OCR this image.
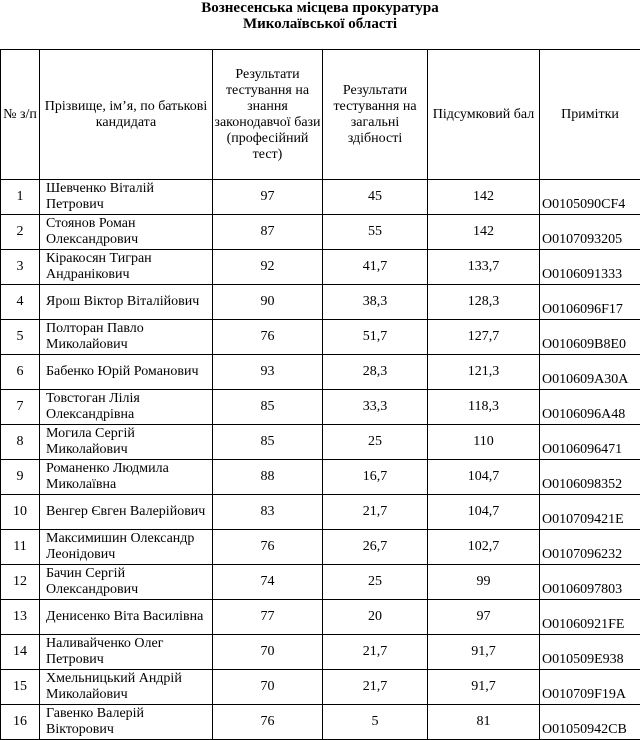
Вознесенська місцева прокуратура
Миколаївської області
№ з/п	Прізвище, ім’я, по батькові кандидата	Результати тестування на знання законодавчої бази (професійний тест)	Результати тестування на загальні здібності	Підсумковий бал	Примітки
1	Шевченко Віталій Петрович	97	45	142	O0105090CF4
2	Стоянов Роман Олександрович	87	55	142	O0107093205
3	Кіракосян Тигран Андранікович	92	41,7	133,7	O0106091333
4	Ярош Віктор Віталійович	90	38,3	128,3	O0106096F17
5	Полторан Павло Миколайович	76	51,7	127,7	O010609B8E0
6	Бабенко Юрій Романович	93	28,3	121,3	O010609A30A
7	Товстоган Лілія Олександрівна	85	33,3	118,3	O0106096A48
8	Могила Сергій Миколайович	85	25	110	O0106096471
9	Романенко Людмила Миколаївна	88	16,7	104,7	O0106098352
10	Венгер Євген Валерійович	83	21,7	104,7	O010709421E
11	Максимишин Олександр Леонідович	76	26,7	102,7	O0107096232
12	Бачин Сергій Олександрович	74	25	99	O0106097803
13	Денисенко Віта Василівна	77	20	97	O01060921FE
14	Наливайченко Олег Петрович	70	21,7	91,7	O010509E938
15	Хмельницький Андрій Миколайович	70	21,7	91,7	O010709F19A
16	Гавенко Валерій Вікторович	76	5	81	O01050942CB
